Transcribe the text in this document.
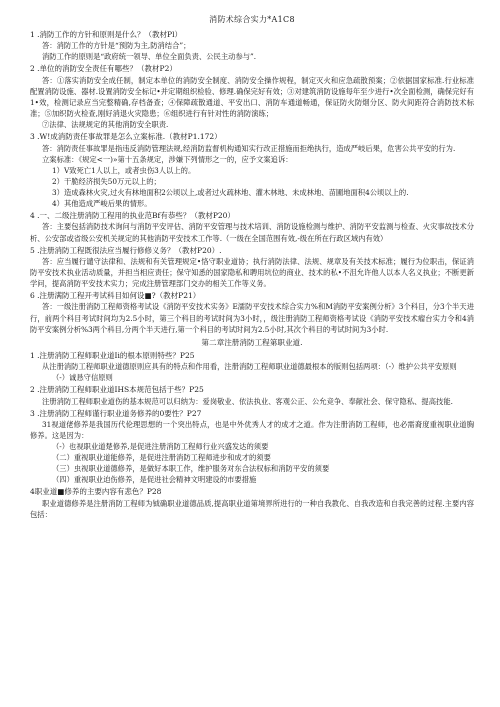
消防术综合实力*A1C8

1 .消防工作的方针和原则是什么？（教材Pl）

答：消防工作的方针是“预防为主,防消结合”；

消防工作的原则是“政府统一领导、单位全面负责、公民主动参与”.

2 .单位的消防安全责任有哪些？（教材P2）

答：①落实消防安全成任制，制定本单位的消防安全制度、消防安全操作规程，制定灭火和应急疏散预案；②依据国家标准.行业标准配置消防设施、器材.设置消防安全标记•并定期组织检验、修理.确保完好有效；③对建筑消防设施每年至少进行•次全面检测，确保完好有1•效，检测记录应当完整精确,存档备查；④保障疏散通道、平安出口、消防车通道畅通，保证防火防烟分区、防火间距符合消防技术标准；⑤加织防火检查,刚好消退火灾隐患；⑥组织进行有针对性的消防演练；

⑦法律、法规规定的其他消防安全职责.

3 .W!成消防责任事故罪是怎么立案标准.（教材P1.172）

答：消防责任事故罪是指违反消防管理法规,经消防监督机构通知实行改正措施而拒绝执行，造成严岐后果，危害公共平安的行为.

立案标准：《规定<一)»第十五条规定，涉嫌下列情形之一的，应予文案追诉：

1）V致死亡1人以上，或者虫伤3人以上的。

2）干脆经济损失50万元以上的；

3）造成森林火灾,过火有林地面积2公顷以上,或者过火疏林地、灌木林地、未成林地、苗圃地面积4公顷以上的.

4）其他造成严峻后果的情形。

4 .一、二级注册消防工程用的执业范Bf有恭些？（教材P20）

答：主要包括消防技术询问与消防平安评估、消防平安管理与技术培训、消防设施检测与维护、消防平安监测与检查、火灾事故技术分析、公安部或省级公安机关规定的其他消防平安技术工作等.（一级在全国范围有效,-级在所在行政区域内有效）

5 .注册消防工程既很法应当履行修修义务？（教材P20）.

答：应当履行谴守法律和、法规和有关管理规定•恪守职业道协；执行消防法律、法规、规章及有关技术标准；履行为位职击，保证消防平安技术执业活动质量，并担当相应责任；保守知悉的国家隐私和聘用坑位的商业、技术的私•不沮允许他人以本人名义执业；不断更新学问，提高消防平安技术实力；完成注册管理部门交办的相关工作等义务。

6 .注册满防工程开考试科目如何设■?（教材P21）

答：一级注册消防工程师资格考试设《消防平安技术实务》E濡防平安技术综合实力%和M消防平安案例分析》3个科目，分3个半天进行，前两个科目考试时间均为2.5小时，第三个科目的考试时间为3小时，，级注册消防工程师资格考试设《消防平安技术瘤台实力令和4消防平安案例分析%3两个科目,分两个半天进行,第一个科目的考试时间为2.5小时,其次个科目的考试时间为3小时.

第二章注册消防工程第职业道.

1 .注册消防工程师职业道Ii的根本原则特些？P25

从注册消防工程师职业道德原则应具有的特点和作用看，注册消防工程师职业道德最根本的版则包括两项：（-）维护公共平安原则

（-）诚恳守信原则

2 .注册消防工程师职业道IHS本规范包括于些？P25

注册消防工程师职业道伤的基本规范可以归纳为：爱岗敬业、依法执业、客观公正、公允竞争、奉献社会、保守隐私、提高技能.

3 .注册消防工程师谨行职业道务修养的0要性？P27

31视道佬修养是我国历代伦理思想的一个突出特点，也是中外优秀人才的成才之道。作为注册消防工程师，也必需裔度重视职业道胸修养。这是因为：

（-）也视职业道楚修养,是促进注册消防工程师行业兴盛发达的须要

（二）重视职业道能修养，是促进注册消防工程师进步和成才的须要

（三）虫视职业道德修养，是做好本职工作，维护服务对东合法权标和消防平安的须要

（四）重视职业迫伤修养，是促进社会精神文明建设的市要措施

4职业道■修养的主要内容有悲色？P28

职业道德修养是注册消防工程师为钺确职业道德品质,提高职业道第境界所进行的一种自我教化、自我改造和自我完善的过程.主要内容包括：
